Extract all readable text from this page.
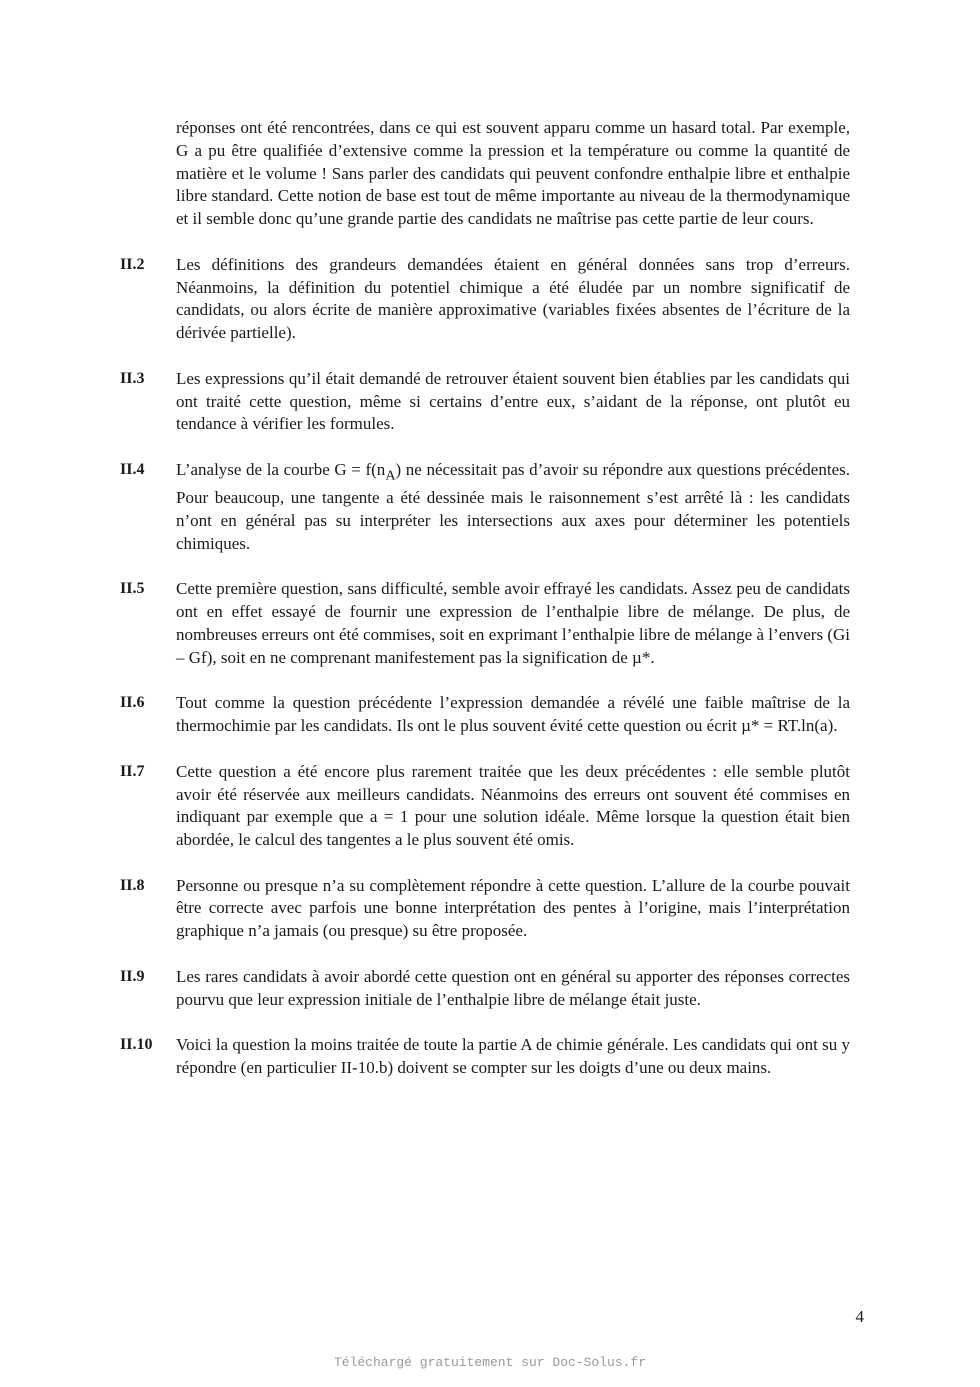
réponses ont été rencontrées, dans ce qui est souvent apparu comme un hasard total. Par exemple, G a pu être qualifiée d’extensive comme la pression et la température ou comme la quantité de matière et le volume ! Sans parler des candidats qui peuvent confondre enthalpie libre et enthalpie libre standard. Cette notion de base est tout de même importante au niveau de la thermodynamique et il semble donc qu’une grande partie des candidats ne maîtrise pas cette partie de leur cours.

II.2	Les définitions des grandeurs demandées étaient en général données sans trop d’erreurs. Néanmoins, la définition du potentiel chimique a été éludée par un nombre significatif de candidats, ou alors écrite de manière approximative (variables fixées absentes de l’écriture de la dérivée partielle).

II.3	Les expressions qu’il était demandé de retrouver étaient souvent bien établies par les candidats qui ont traité cette question, même si certains d’entre eux, s’aidant de la réponse, ont plutôt eu tendance à vérifier les formules.

II.4	L’analyse de la courbe $G = f(n_A)$ ne nécessitait pas d’avoir su répondre aux questions précédentes. Pour beaucoup, une tangente a été dessinée mais le raisonnement s’est arrêté là : les candidats n’ont en général pas su interpréter les intersections aux axes pour déterminer les potentiels chimiques.

II.5	Cette première question, sans difficulté, semble avoir effrayé les candidats. Assez peu de candidats ont en effet essayé de fournir une expression de l’enthalpie libre de mélange. De plus, de nombreuses erreurs ont été commises, soit en exprimant l’enthalpie libre de mélange à l’envers (Gi – Gf), soit en ne comprenant manifestement pas la signification de µ*.

II.6	Tout comme la question précédente l’expression demandée a révélé une faible maîtrise de la thermochimie par les candidats. Ils ont le plus souvent évité cette question ou écrit µ* = RT.ln(a).

II.7	Cette question a été encore plus rarement traitée que les deux précédentes : elle semble plutôt avoir été réservée aux meilleurs candidats. Néanmoins des erreurs ont souvent été commises en indiquant par exemple que a = 1 pour une solution idéale. Même lorsque la question était bien abordée, le calcul des tangentes a le plus souvent été omis.

II.8	Personne ou presque n’a su complètement répondre à cette question. L’allure de la courbe pouvait être correcte avec parfois une bonne interprétation des pentes à l’origine, mais l’interprétation graphique n’a jamais (ou presque) su être proposée.

II.9	Les rares candidats à avoir abordé cette question ont en général su apporter des réponses correctes pourvu que leur expression initiale de l’enthalpie libre de mélange était juste.

II.10	Voici la question la moins traitée de toute la partie A de chimie générale. Les candidats qui ont su y répondre (en particulier II-10.b) doivent se compter sur les doigts d’une ou deux mains.

4
Téléchargé gratuitement sur Doc-Solus.fr
